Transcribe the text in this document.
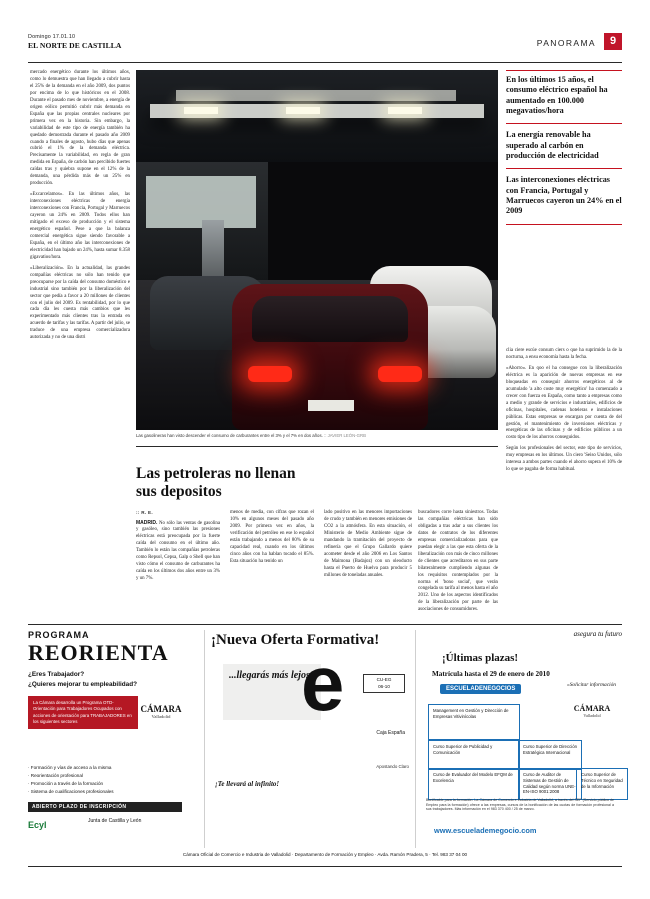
Domingo 17.01.10
EL NORTE DE CASTILLA	PANORAMA	9

mercado energético durante los últimos años, como lo demuestra que han llegado a cubrir hasta el 25% de la demanda en el año 2009, dos puntos por encima de lo que históricos en el 2008. Durante el pasado mes de noviembre, a energía de origen eólico permitió cubrir más demanda en España que las propias centrales nucleares por primera vez en la historia. Sin embargo, la variabilidad de este tipo de energía también ha quedado demostrada durante el pasado año 2009 cuando a finales de agosto, hubo días que apenas cubrió el 1% de la demanda eléctrica. Precisamente la variabilidad, en regla de gran medida en España, de carbón han percibido fuertes caídas tras y quiebra supone en el 12% de la demanda, una pérdida más de un 25% en producción.

«Excarcelamos». En las últimos años, las interconexiones eléctricas de energía interconexiones con Francia, Portugal y Marruecos cayeron un 24% en 2009. Todos ellos han mitigado el exceso de producción y el sistema energético español. Pese a que la balanza comercial energética sigue siendo favorable a España, en el último año las interconexiones de electricidad han bajado un 24%, hasta sumar 8.358 gigavatios/hora.

«Liberalización». En la actualidad, las grandes compañías eléctricas no sólo han tenido que preocuparse por la caída del consumo doméstico e industrial sino también por la liberalización del sector que pedía a favor a 20 millones de clientes con el julio del 2009. Es rentabilidad, por lo que cada día les cuesta más cambios que les experimentado más clientes tras la entrada en acuerdo de tarifas y las tarifas. A partir del julio, se traduce de una empresa comercializadora autorizada y no de una distri

Las gasolineras han visto descender el consumo de carburantes entre el 3% y el 7% en dos años. :: JAVIER LEÓN-GRB
En los últimos 15 años, el consumo eléctrico español ha aumentado en 100.000 megavatios/hora
La energía renovable ha superado al carbón en producción de electricidad
Las interconexiones eléctricas con Francia, Portugal y Marruecos cayeron un 24% en el 2009

clia ciere escúe consum ciers o que ha suprimido la de la nocturna, a ensu economía hasta la fecha.

«Ahorro». En qoo el ha consegue con la liberalización eléctrica es la aparición de nuevas empresas en ese bloqueadas en conseguir ahorros energéticos al de acumulado 'a alto coste muy energético' ha comenzado a crecer con fuerza en España, como tanto a empresas como a medio y grande de servicios e industriales, edificios de oficinas, hospitales, cadenas hoteleras e instalaciones públicas. Estas empresas se encargan por cuenta de del gestión, el mantenimiento de inversiones eléctricas y energéticas de las oficinas y de edificios públicos a un costo tipo de los ahorros conseguidos.

Según los profesionales del sector, este tipo de servicios, muy empresas en los últimos. Un ciero 'Seiso Unidos, sólo interesa a ambos partes cuando el ahorro supera el 10% de lo que se pagaba de forma habitual.

Las petroleras no llenan sus depositos
:: R. E.

MADRID. No sólo las ventas de gasolina y gasóleo, sino también las presiones eléctricas está preocupada por la fuerte caída del consumo en el último año. También lo están las compañías petroleras como Repsol, Cepsa, Galp o Shell que han visto cómo el consumo de carburantes ha caída en los últimos dos años entre un 3% y un 7%.

menos de media, con cifras que rozan el 10% en algunos meses del pasado año 2009. Por primera vez en años, la verificación del petróleo en ese lo español están trabajando a menos del 80% de su capacidad real, cuando en los últimos cinco años con ha hablan tocado el 85%. Esta situación ha tenido un

lado positivo en las menores importaciones de crudo y también en menores emisiones de CO2 a la atmósfera. En esta situación, el Ministerio de Medio Ambiente sigue de mandando la tramitación del proyecto de refinería que el Grupo Gallardo quiere acometer desde el año 2006 en Los Santos de Maimona (Badajoz) con un oleoducto hasta el Puerto de Huelva para producir 5 millones de toneladas anuales.

buscadores corre hasta siniestros. Todas las compañías eléctricas han sido obligadas a tras adar a sus clientes los datos de contratos de los diferentes empresas comercializadoras para que puedan elegir a las que esta oferta de la liberalización con más de cinco millones de clientes que acreditaron en sus parte bilateralmente cumpliendo algunas de los requisitos contemplados por la norma el 'bono social', que verán congelada su tarifa al menos hasta el año 2012. Uno de los aspectos identificados de la liberalización por parte de las asociaciones de consumidores.

PROGRAMA
REORIENTA
¿Eres Trabajador?
¿Quieres mejorar tu empleabilidad?
La Cámara desarrolla un Programa OTD-Orientación para Trabajadores Ocupados con acciones de orientación para TRABAJADORES en los siguientes sectores
CÁMARA
Valladolid
· Formación y vías de acceso a la misma
· Reorientación profesional
· Promoción a través de la formación
· Sistema de cualificaciones profesionales
ABIERTO PLAZO DE INSCRIPCIÓN
Ecyl	Junta de Castilla y León
¡Nueva Oferta Formativa!
...llegarás más lejos
e	CU-EG
06-10
Caja España
Apostando Claro
¡Te llevará al infinito!
asegura tu futuro
¡Últimas plazas!
Matrícula hasta el 29 de enero de 2010
ESCUELADENEGOCIOS
»Solicitar información
Management en Gestión y Dirección de Empresas Vitivinícolas
Curso Superior de Publicidad y Comunicación
Curso de Evaluador del Modelo EFQM de Excelencia
Curso Superior de Dirección Estratégica Internacional
Curso de Auditor de Sistemas de Gestión de Calidad según norma UNE-EN-ISO 9001:2008
Curso Superior de Técnico en Seguridad de la Información
CÁMARA
Valladolid
Bonificable para la formación: La Cámara de Comercio e Industria de Valladolid, a través del SEP (Servicio público de Empleo para la formación) ofrece a las empresas, cursos de la bonificación de las cuotas de formación profesional a sus trabajadores. Más información en el 983 370 400 / 25 de marzo.
www.escuelademegocio.com
Cámara Oficial de Comercio e Industria de Valladolid · Departamento de Formación y Empleo · Avda. Ramón Pradera, 5 · Tel. 983 37 04 00
